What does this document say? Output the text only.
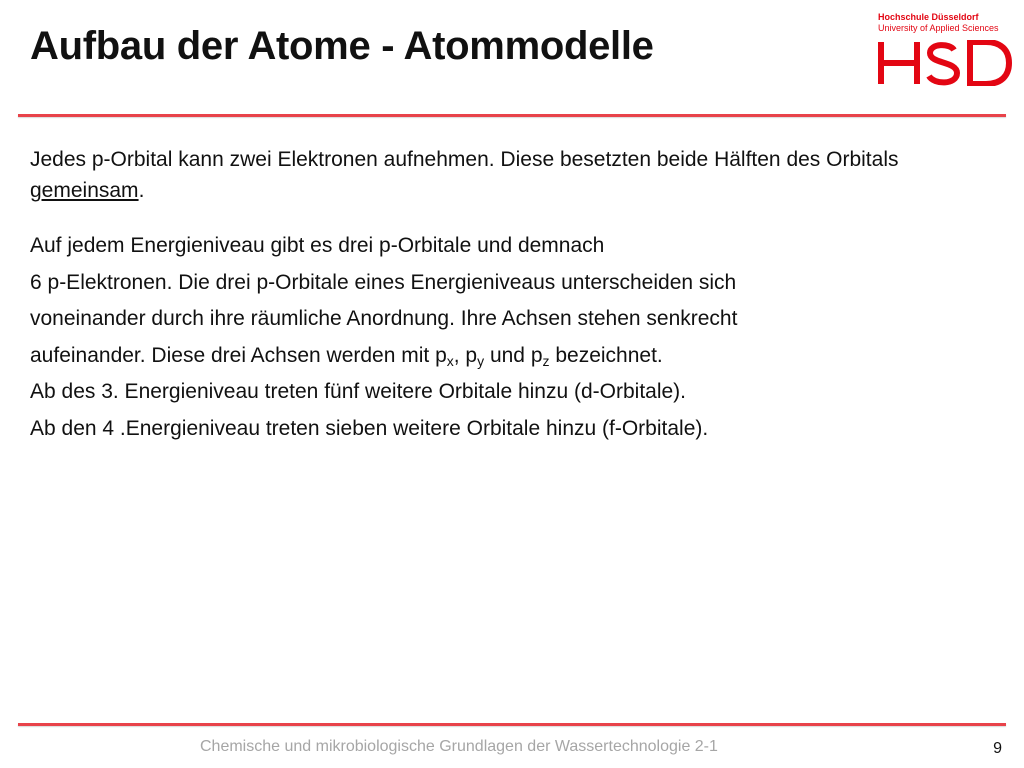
Aufbau der Atome - Atommodelle
Hochschule Düsseldorf
University of Applied Sciences

Jedes p-Orbital kann zwei Elektronen aufnehmen. Diese besetzten beide Hälften des Orbitals gemeinsam.

Auf jedem Energieniveau gibt es drei p-Orbitale und demnach
6 p-Elektronen. Die drei p-Orbitale eines Energieniveaus unterscheiden sich
voneinander durch ihre räumliche Anordnung. Ihre Achsen stehen senkrecht
aufeinander. Diese drei Achsen werden mit $p_x$, $p_y$ und $p_z$ bezeichnet.
Ab des 3. Energieniveau treten fünf weitere Orbitale hinzu (d-Orbitale).
Ab den 4 .Energieniveau treten sieben weitere Orbitale hinzu (f-Orbitale).
Chemische und mikrobiologische Grundlagen der Wassertechnologie 2-1	9
